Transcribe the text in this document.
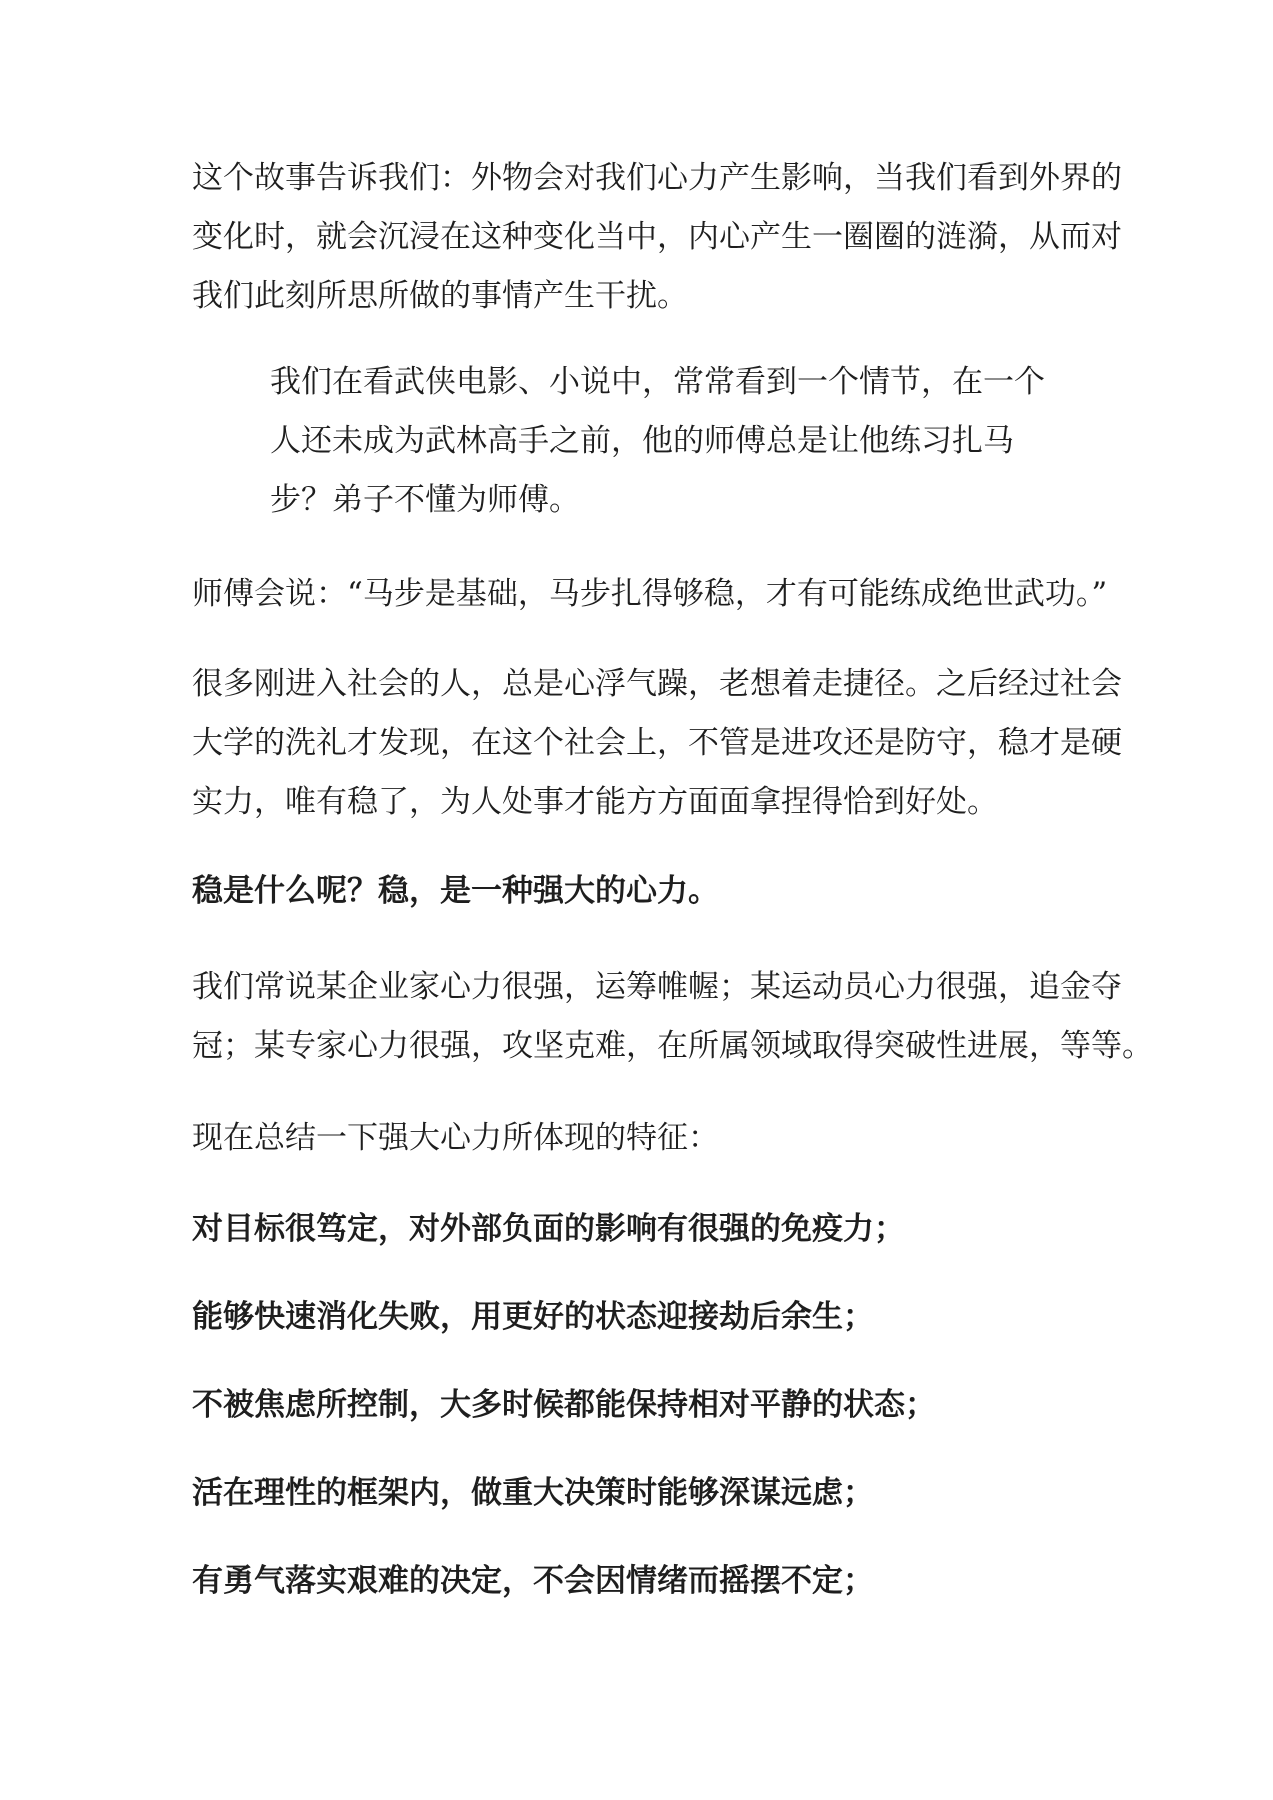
这个故事告诉我们：外物会对我们心力产生影响，当我们看到外界的
变化时，就会沉浸在这种变化当中，内心产生一圈圈的涟漪，从而对
我们此刻所思所做的事情产生干扰。
我们在看武侠电影、小说中，常常看到一个情节，在一个
人还未成为武林高手之前，他的师傅总是让他练习扎马
步？弟子不懂为师傅。
师傅会说：“马步是基础，马步扎得够稳，才有可能练成绝世武功。”
很多刚进入社会的人，总是心浮气躁，老想着走捷径。之后经过社会
大学的洗礼才发现，在这个社会上，不管是进攻还是防守，稳才是硬
实力，唯有稳了，为人处事才能方方面面拿捏得恰到好处。
稳是什么呢？稳，是一种强大的心力。
我们常说某企业家心力很强，运筹帷幄；某运动员心力很强，追金夺
冠；某专家心力很强，攻坚克难，在所属领域取得突破性进展，等等。
现在总结一下强大心力所体现的特征：
对目标很笃定，对外部负面的影响有很强的免疫力；
能够快速消化失败，用更好的状态迎接劫后余生；
不被焦虑所控制，大多时候都能保持相对平静的状态；
活在理性的框架内，做重大决策时能够深谋远虑；
有勇气落实艰难的决定，不会因情绪而摇摆不定；
